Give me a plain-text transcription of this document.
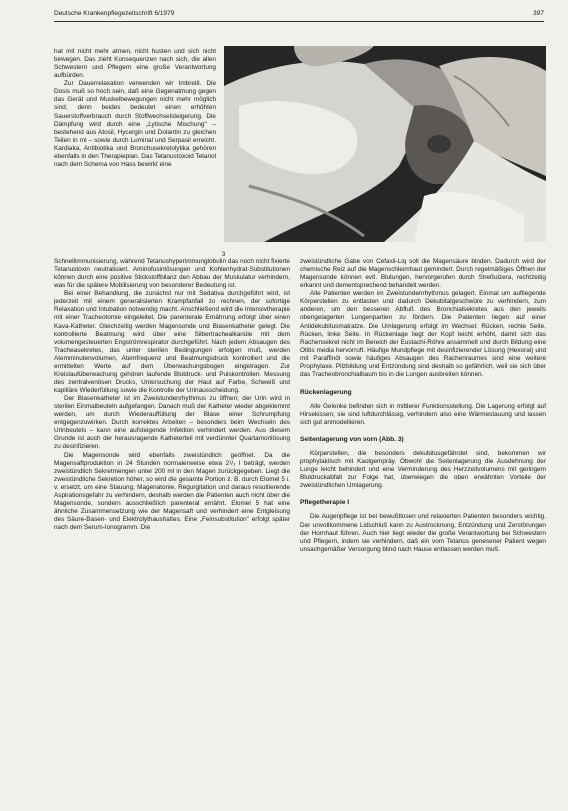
Deutsche Krankenpflegezeitschrift 6/1979	397

hat mit nicht mehr atmen, nicht husten und sich nicht bewegen. Das zieht Konsequenzen nach sich, die allen Schwestern und Pflegern eine große Verantwortung aufbürden.

Zur Dauerrelaxation verwenden wir Imbretil. Die Dosis muß so hoch sein, daß eine Gegenatmung gegen das Gerät und Muskelbewegungen nicht mehr möglich sind; denn beides bedeutet einen erhöhten Sauerstoffverbrauch durch Stoffwechselsteigerung. Die Dämpfung wird durch eine „Lytische Mischung" – bestehend aus Atosil, Hycergin und Dolantin zu gleichen Teilen in ml – sowie durch Luminal und Serpasil erreicht. Kardiaka, Antibiotika und Bronchusekretolytika gehören ebenfalls in den Therapieplan. Das Tetanustoxoid Tetanol nach dem Schema von Hass bewirkt eine

3

Schnellimmunisierung, während Tetanushyperimmunglobulin das noch nicht fixierte Tetanustoxin neutralisiert. Aminofusinlösungen und Kohlenhydrat-Substitutionen können durch eine positive Stickstoffbilanz den Abbau der Muskulatur verhindern, was für die spätere Mobilisierung von besonderer Bedeutung ist.

Bei einer Behandlung, die zunächst nur mit Sedativa durchgeführt wird, ist jederzeit mit einem generalisierten Krampfanfall zu rechnen, der sofortige Relaxation und Intubation notwendig macht. Anschließend wird die Intensivtherapie mit einer Tracheotomie eingeleitet. Die parenterale Ernährung erfolgt über einen Kava-Katheter. Gleichzeitig werden Magensonde und Blasenkatheter gelegt. Die kontrollierte Beatmung wird über eine Silbertrachealkanüle mit dem volumengesteuerten Engströmrespirator durchgeführt. Nach jedem Absaugen des Tracheasekretes, das unter sterilen Bedingungen erfolgen muß, werden Atemminutenvolumen, Atemfrequenz und Beatmungsdruck kontrolliert und die ermittelten Werte auf dem Überwachungsbogen eingetragen. Zur Kreislaufüberwachung gehören laufende Blutdruck- und Pulskontrollen. Messung des zentralvenösen Drucks, Untersuchung der Haut auf Farbe, Schweiß und kapilläre Wiederfüllung sowie die Kontrolle der Urinausscheidung.

Der Blasenkatheter ist im Zweistundenrhythmus zu öffnen; der Urin wird in sterilen Einmalbeuteln aufgefangen. Danach muß der Katheter wieder abgeklemmt werden, um durch Wiederauffüllung der Blase einer Schrumpfung entgegenzuwirken. Durch korrektes Arbeiten – besonders beim Wechseln des Urinbeutels – kann eine aufsteigende Infektion verhindert werden. Aus diesem Grunde ist auch der herausragende Katheterteil mit verdünnter Quartamonlösung zu desinfizieren.

Die Magensonde wird ebenfalls zweistündlich geöffnet. Da die Magensaftproduktion in 24 Stunden normalerweise etwa 2¹/₂ l beträgt, werden zweistündlich Sekretmengen unter 200 ml in den Magen zurückgegeben. Liegt die zweistündliche Sekretion höher, so wird die gesamte Portion z. B. durch Elomel 5 i. v. ersetzt, um eine Stauung, Magenatonie, Regurgitation und daraus resultierende Aspirationsgefahr zu verhindern, deshalb werden die Patienten auch nicht über die Magensonde, sondern ausschließlich parenteral ernährt. Elomel 5 hat eine ähnliche Zusammensetzung wie der Magensaft und verhindert eine Entgleisung des Säure-Basen- und Elektrolythaushaltes. Eine „Feinsubstitution" erfolgt später nach dem Serum-Ionogramm. Die

zweistündliche Gabe von Cefaxil-Liq soll die Magensäure binden. Dadurch wird der chemische Reiz auf die Magenschleimhaut gemindert. Durch regelmäßiges Öffnen der Magensonde können evtl. Blutungen, hervorgerufen durch Streßulzera, rechtzeitig erkannt und dementsprechend behandelt werden.

Alle Patienten werden im Zweistundenrhythmus gelagert. Einmal um aufliegende Körperstellen zu entlasten und dadurch Dekubitalgeschwüre zu verhindern, zum anderen, um den besseren Abfluß des Bronchialsekretes aus den jeweils obengelagerten Lungenpartien zu fördern. Die Patienten liegen auf einer Antidekubitusmatratze. Die Umlagerung erfolgt im Wechsel: Rücken, rechte Seite, Rücken, linke Seite. In Rückenlage liegt der Kopf leicht erhöht, damit sich das Rachensekret nicht im Bereich der Eustachi-Röhre ansammelt und durch Bildung eine Otitis media hervorruft. Häufige Mundpflege mit desinfizierender Lösung (Hexoral) und mit Paraffinöl sowie häufiges Absaugen des Rachenraumes sind eine weitere Prophylaxe. Pilzbildung und Entzündung sind deshalb so gefährlich, weil sie sich über das Tracheobronchialbaum bis in die Lungen ausbreiten können.

Rückenlagerung

Alle Gelenke befinden sich in mittlerer Funktionsstellung. Die Lagerung erfolgt auf Hirsekissen; sie sind luftdurchlässig, verhindern also eine Wärmestauung und lassen sich gut anmodellieren.

Seitenlagerung von vorn (Abb. 3)

Körperstellen, die besonders dekubitusgefährdet sind, bekommen wir prophylaktisch mit Kaolgempräy. Obwohl die Seitenlagerung die Ausdehnung der Lunge leicht behindert und eine Verminderung des Herzzeitvolumens mit geringem Blutdruckabfall zur Folge hat, überwiegen die oben erwähnten Vorteile der zweistündlichen Umlagerung.

Pflegetherapie I

Die Augenpflege ist bei bewußtlosen und relaxierten Patienten besonders wichtig. Der unvollkommene Lidschluß kann zu Austrocknung, Entzündung und Zerstörungen der Hornhaut führen. Auch hier liegt wieder die große Verantwortung bei Schwestern und Pflegern, indem sie verhindern, daß ein vom Tetanus genesener Patient wegen unsachgemäßer Versorgung blind nach Hause entlassen werden muß.
